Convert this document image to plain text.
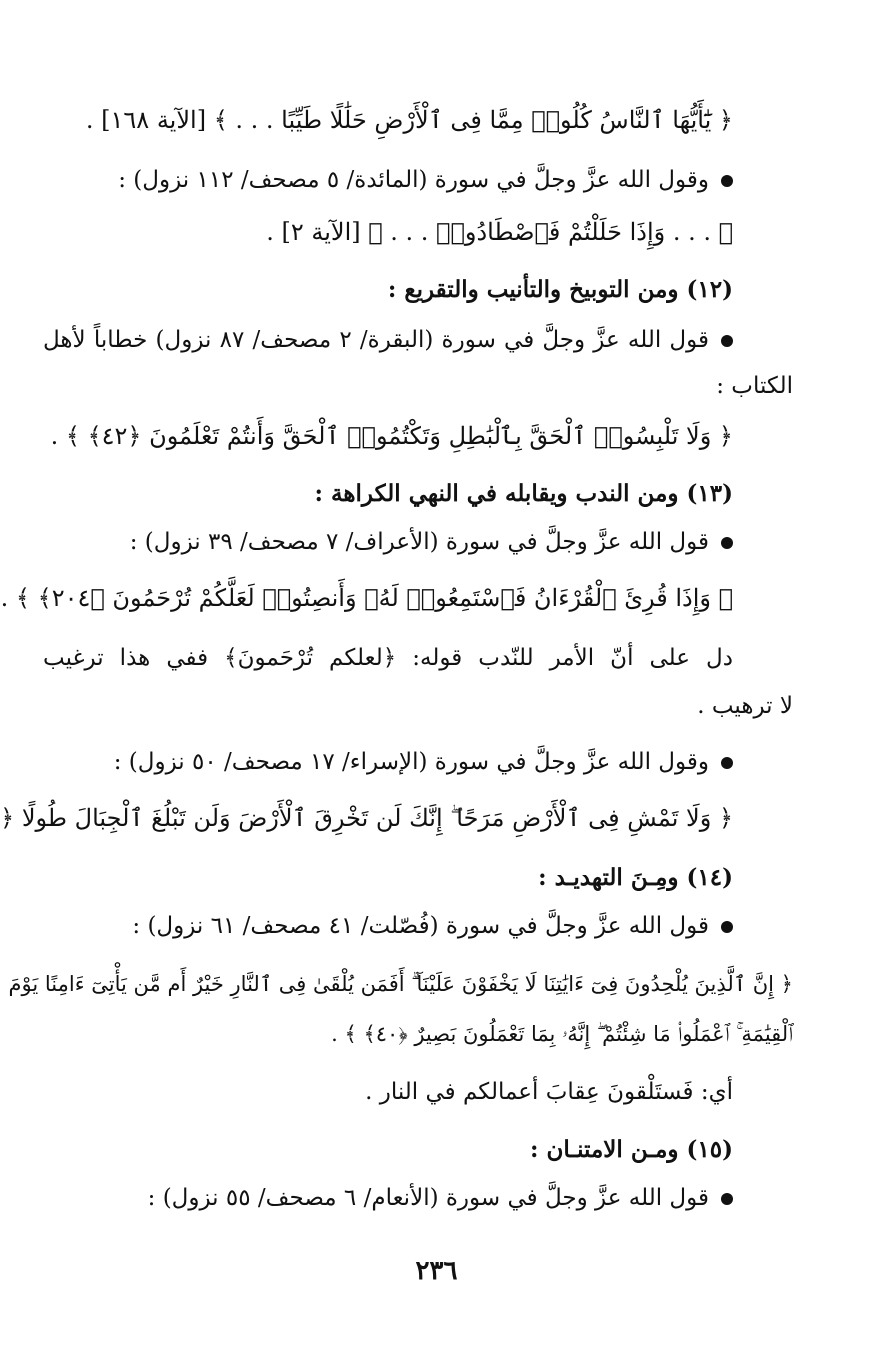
﴿ يَٰٓأَيُّهَا ٱلنَّاسُ كُلُوا۟ مِمَّا فِى ٱلْأَرْضِ حَلَٰلًا طَيِّبًا . . . ﴾ [الآية ١٦٨] .
وقول الله عزَّ وجلَّ في سورة (المائدة/ ٥ مصحف/ ١١٢ نزول) :
﴿ . . . وَإِذَا حَلَلْتُمْ فَٱصْطَادُوا۟ . . . ﴾ [الآية ٢] .
(١٢) ومن التوبيخ والتأنيب والتقريع :
قول الله عزَّ وجلَّ في سورة (البقرة/ ٢ مصحف/ ٨٧ نزول) خطاباً لأهل
الكتاب :
﴿ وَلَا تَلْبِسُوا۟ ٱلْحَقَّ بِٱلْبَٰطِلِ وَتَكْتُمُوا۟ ٱلْحَقَّ وَأَنتُمْ تَعْلَمُونَ ﴿٤٢﴾ ﴾ .
(١٣) ومن الندب ويقابله في النهي الكراهة :
قول الله عزَّ وجلَّ في سورة (الأعراف/ ٧ مصحف/ ٣٩ نزول) :
﴿ وَإِذَا قُرِئَ ٱلْقُرْءَانُ فَٱسْتَمِعُوا۟ لَهُۥ وَأَنصِتُوا۟ لَعَلَّكُمْ تُرْحَمُونَ ﴿٢٠٤﴾ ﴾ .
دل على أنّ الأمر للنّدب قوله: ﴿لعلكم تُرْحَمونَ﴾ ففي هذا ترغيب
لا ترهيب .
وقول الله عزَّ وجلَّ في سورة (الإسراء/ ١٧ مصحف/ ٥٠ نزول) :
﴿ وَلَا تَمْشِ فِى ٱلْأَرْضِ مَرَحًا ۖ إِنَّكَ لَن تَخْرِقَ ٱلْأَرْضَ وَلَن تَبْلُغَ ٱلْجِبَالَ طُولًا ﴿
(١٤) ومِـنَ التهديـد :
قول الله عزَّ وجلَّ في سورة (فُصّلت/ ٤١ مصحف/ ٦١ نزول) :
﴿ إِنَّ ٱلَّذِينَ يُلْحِدُونَ فِىٓ ءَايَٰتِنَا لَا يَخْفَوْنَ عَلَيْنَآ ۗ أَفَمَن يُلْقَىٰ فِى ٱلنَّارِ خَيْرٌ أَم مَّن يَأْتِىٓ ءَامِنًا يَوْمَ
ٱلْقِيَٰمَةِ ۚ ٱعْمَلُوا۟ مَا شِئْتُمْ ۖ إِنَّهُۥ بِمَا تَعْمَلُونَ بَصِيرٌ ﴿٤٠﴾ ﴾ .
أي: فَستَلْقونَ عِقابَ أعمالكم في النار .
(١٥) ومـن الامتنـان :
قول الله عزَّ وجلَّ في سورة (الأنعام/ ٦ مصحف/ ٥٥ نزول) :
٢٣٦
